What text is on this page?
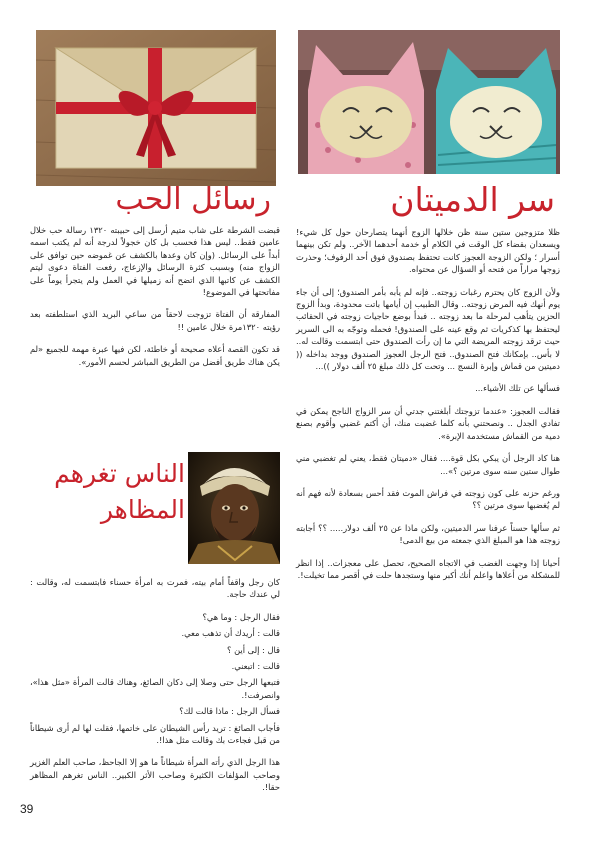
رسائل الحب	سر الدميتان

قبضت الشرطة على شاب متيم أرسل إلى حبيبته ١٣٢٠ رسالة حب خلال عامين فقط.. ليس هذا فحسب بل كان خجولاً لدرجة أنه لم يكتب اسمه أبداً على الرسائل. (وإن كان وعدها بالكشف عن غموضه حين توافق على الزواج منه) وبسبب كثرة الرسائل والإزعاج، رفعت الفتاة دعوى ليتم الكشف عن كاتبها الذي اتضح أنه زميلها في العمل ولم يتجرأ يوماً على مفاتحتها في الموضوع!

المفارقة أن الفتاة تزوجت لاحقاً من ساعي البريد الذي استلطفته بعد رؤيته ١٣٢٠مرة خلال عامين !!

قد تكون القصة أعلاه صحيحة أو خاطئة، لكن فيها عبرة مهمة للجميع «لم يكن هناك طريق أفضل من الطريق المباشر لحسم الأمور».

الناس تغرهم
المظاهر

كان رجل واقفاً أمام بيته، فمرت به امرأة حسناء فابتسمت له، وقالت : لي عندك حاجة.

فقال الرجل : وما هي؟

قالت : أريدك أن تذهب معي.

قال : إلى أين ؟

قالت : اتبعني.

فتبعها الرجل حتى وصلا إلى دكان الصائغ، وهناك قالت المرأة «مثل هذا»، وانصرفت!.

فسأل الرجل : ماذا قالت لك؟

فأجاب الصائغ : تريد رأس الشيطان على خاتمها، فقلت لها لم أرى شيطاناً من قبل فجاءت بك وقالت مثل هذا!.

هذا الرجل الذي رأته المرأة شيطاناً ما هو إلا الجاحظ، صاحب العلم الغزير وصاحب المؤلفات الكثيرة وصاحب الأثر الكبير.. الناس تغرهم المظاهر حقا!.

ظلا متزوجين ستين سنة ظن خلالها الزوج أنهما يتصارحان حول كل شيء! ويسعدان بقضاء كل الوقت في الكلام أو خدمة أحدهما الآخر.. ولم تكن بينهما أسرار ؛ ولكن الزوجة العجوز كانت تحتفظ بصندوق فوق أحد الرفوف؛ وحذرت زوجها مراراً من فتحه أو السؤال عن محتواه.

ولأن الزوج كان يحترم رغبات زوجته.. فإنه لم يأبه بأمر الصندوق؛ إلى أن جاء يوم أنهك فيه المرض زوجته.. وقال الطبيب إن أيامها باتت محدودة، وبدأ الزوج الحزين يتأهب لمرحلة ما بعد زوجته .. فبدأ بوضع حاجيات زوجته في الحقائب ليحتفظ بها كذكريات ثم وقع عينه على الصندوق! فحمله وتوجّه به الى السرير حيث ترقد زوجته المريضة التي ما إن رأت الصندوق حتى ابتسمت وقالت له.. لا بأس.. بإمكانك فتح الصندوق.. فتح الرجل العجوز الصندوق ووجد بداخله (( دميتين من قماش وإبرة النسج ... وتحت كل ذلك مبلغ ٢٥ ألف دولار ))...

فسألها عن تلك الأشياء...

فقالت العجوز: «عندما تزوجتك أبلغتني جدتي أن سر الزواج الناجح يمكن في تفادي الجدل .. ونصحتني بأنه كلما غضبت منك، أن أكتم غضبي وأقوم بصنع دمية من القماش مستخدمة الإبرة».

هنا كاد الرجل أن يبكي بكل قوة.... فقال «دميتان فقط، يعني لم تغضبي مني طوال ستين سنه سوى مرتين ؟»...

ورغم حزنه على كون زوجته في فراش الموت فقد أحس بسعادة لأنه فهم أنه لم يُغضبها سوى مرتين ؟؟

ثم سألها حسناً عرفنا سر الدميتين، ولكن ماذا عن ٢٥ ألف دولار..... ؟؟ أجابته زوجته هذا هو المبلغ الذي جمعته من بيع الدمى!

أحيانا إذا وجهت الغضب في الاتجاه الصحيح، تحصل على معجزات.. إذا انظر للمشكلة من أعلاها واعلم أنك أكبر منها وستجدها حلت في أقصر مما تخيلت!.

39
